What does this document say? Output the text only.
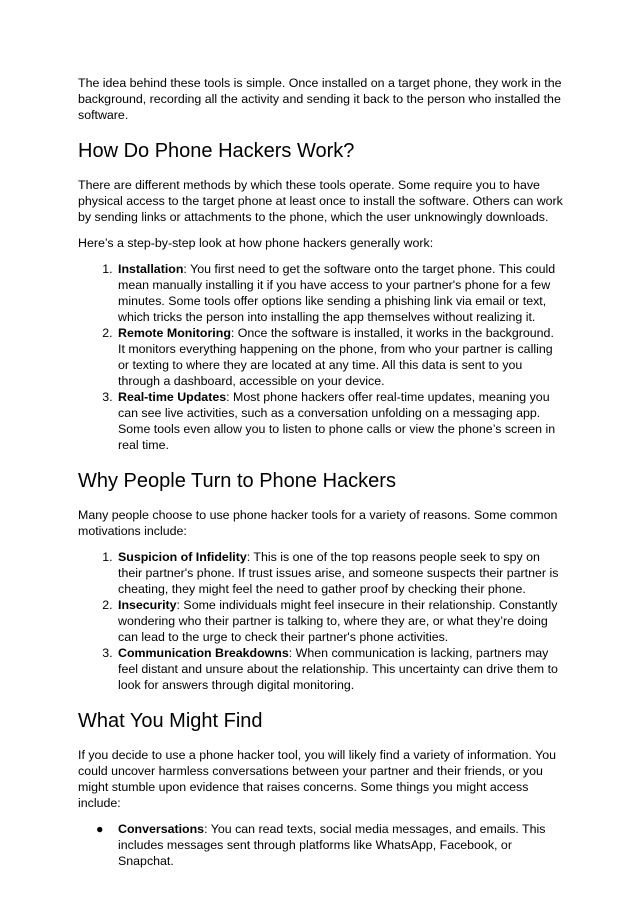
The idea behind these tools is simple. Once installed on a target phone, they work in the background, recording all the activity and sending it back to the person who installed the software.

How Do Phone Hackers Work?

There are different methods by which these tools operate. Some require you to have physical access to the target phone at least once to install the software. Others can work by sending links or attachments to the phone, which the user unknowingly downloads.

Here’s a step-by-step look at how phone hackers generally work:

1. Installation: You first need to get the software onto the target phone. This could mean manually installing it if you have access to your partner's phone for a few minutes. Some tools offer options like sending a phishing link via email or text, which tricks the person into installing the app themselves without realizing it.
2. Remote Monitoring: Once the software is installed, it works in the background. It monitors everything happening on the phone, from who your partner is calling or texting to where they are located at any time. All this data is sent to you through a dashboard, accessible on your device.
3. Real-time Updates: Most phone hackers offer real-time updates, meaning you can see live activities, such as a conversation unfolding on a messaging app. Some tools even allow you to listen to phone calls or view the phone’s screen in real time.
Why People Turn to Phone Hackers

Many people choose to use phone hacker tools for a variety of reasons. Some common motivations include:

1. Suspicion of Infidelity: This is one of the top reasons people seek to spy on their partner's phone. If trust issues arise, and someone suspects their partner is cheating, they might feel the need to gather proof by checking their phone.
2. Insecurity: Some individuals might feel insecure in their relationship. Constantly wondering who their partner is talking to, where they are, or what they’re doing can lead to the urge to check their partner's phone activities.
3. Communication Breakdowns: When communication is lacking, partners may feel distant and unsure about the relationship. This uncertainty can drive them to look for answers through digital monitoring.
What You Might Find

If you decide to use a phone hacker tool, you will likely find a variety of information. You could uncover harmless conversations between your partner and their friends, or you might stumble upon evidence that raises concerns. Some things you might access include:

● Conversations: You can read texts, social media messages, and emails. This includes messages sent through platforms like WhatsApp, Facebook, or Snapchat.
